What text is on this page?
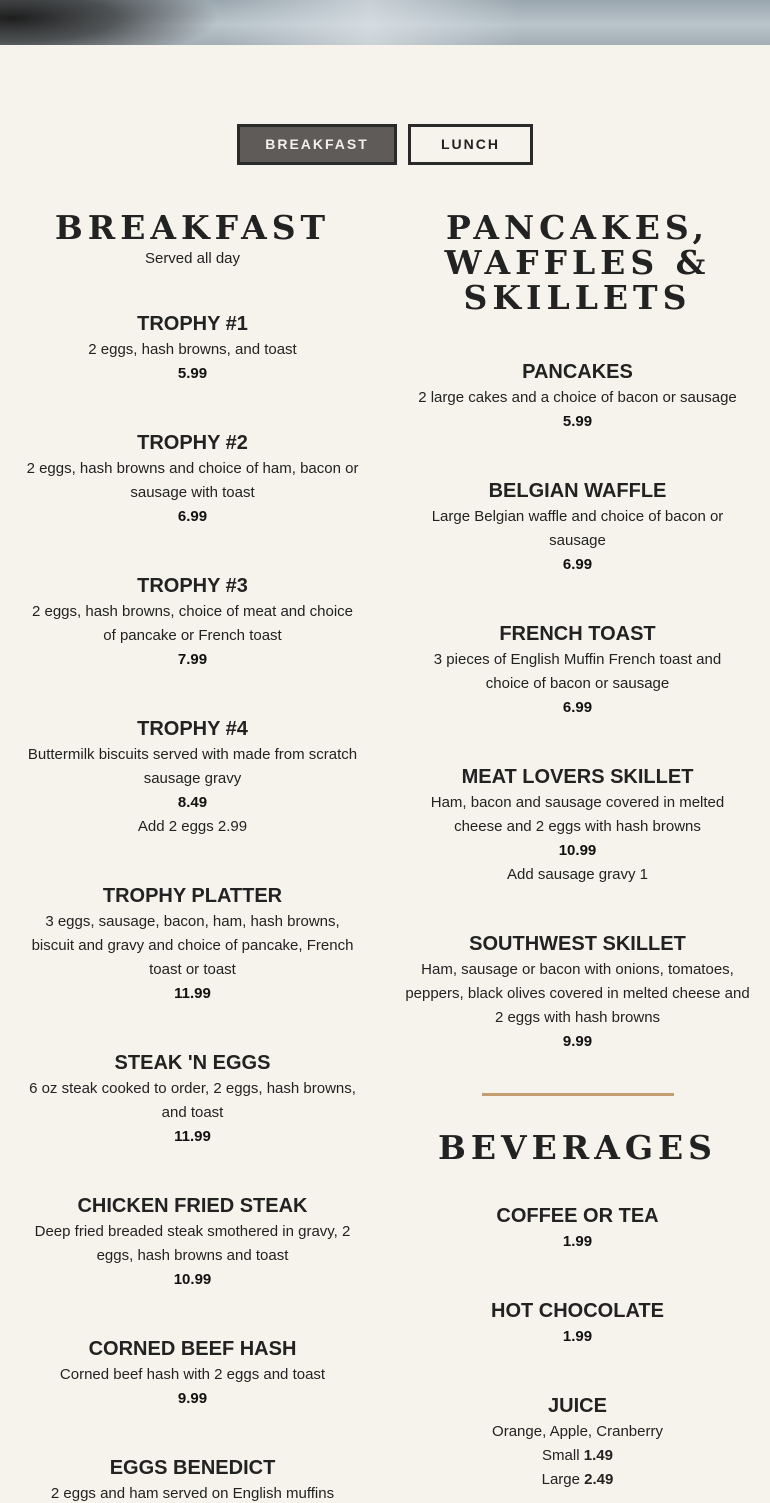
BREAKFAST	LUNCH
BREAKFAST
Served all day
TROPHY #1
2 eggs, hash browns, and toast
5.99
TROPHY #2
2 eggs, hash browns and choice of ham, bacon or sausage with toast
6.99
TROPHY #3
2 eggs, hash browns, choice of meat and choice of pancake or French toast
7.99
TROPHY #4
Buttermilk biscuits served with made from scratch sausage gravy
8.49
Add 2 eggs 2.99
TROPHY PLATTER
3 eggs, sausage, bacon, ham, hash browns, biscuit and gravy and choice of pancake, French toast or toast
11.99
STEAK 'N EGGS
6 oz steak cooked to order, 2 eggs, hash browns, and toast
11.99
CHICKEN FRIED STEAK
Deep fried breaded steak smothered in gravy, 2 eggs, hash browns and toast
10.99
CORNED BEEF HASH
Corned beef hash with 2 eggs and toast
9.99
EGGS BENEDICT
2 eggs and ham served on English muffins
PANCAKES, WAFFLES & SKILLETS
PANCAKES
2 large cakes and a choice of bacon or sausage
5.99
BELGIAN WAFFLE
Large Belgian waffle and choice of bacon or sausage
6.99
FRENCH TOAST
3 pieces of English Muffin French toast and choice of bacon or sausage
6.99
MEAT LOVERS SKILLET
Ham, bacon and sausage covered in melted cheese and 2 eggs with hash browns
10.99
Add sausage gravy 1
SOUTHWEST SKILLET
Ham, sausage or bacon with onions, tomatoes, peppers, black olives covered in melted cheese and 2 eggs with hash browns
9.99
BEVERAGES
COFFEE OR TEA
1.99
HOT CHOCOLATE
1.99
JUICE
Orange, Apple, Cranberry
Small 1.49
Large 2.49
